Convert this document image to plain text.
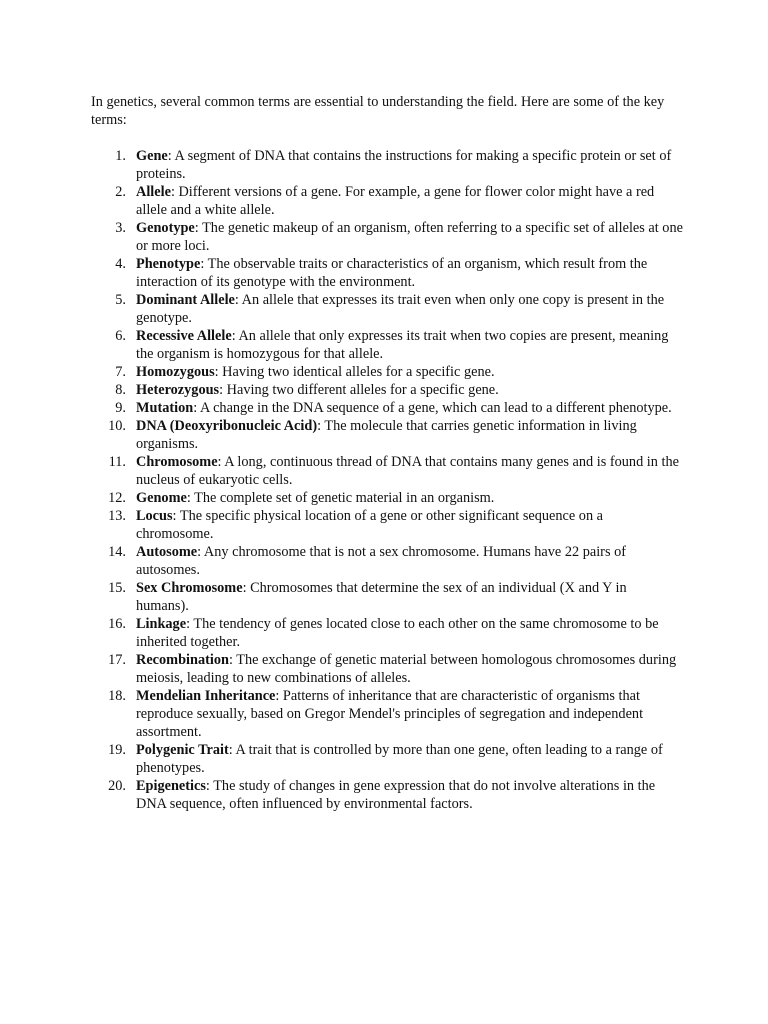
In genetics, several common terms are essential to understanding the field. Here are some of the key terms:

1. Gene: A segment of DNA that contains the instructions for making a specific protein or set of proteins.
2. Allele: Different versions of a gene. For example, a gene for flower color might have a red allele and a white allele.
3. Genotype: The genetic makeup of an organism, often referring to a specific set of alleles at one or more loci.
4. Phenotype: The observable traits or characteristics of an organism, which result from the interaction of its genotype with the environment.
5. Dominant Allele: An allele that expresses its trait even when only one copy is present in the genotype.
6. Recessive Allele: An allele that only expresses its trait when two copies are present, meaning the organism is homozygous for that allele.
7. Homozygous: Having two identical alleles for a specific gene.
8. Heterozygous: Having two different alleles for a specific gene.
9. Mutation: A change in the DNA sequence of a gene, which can lead to a different phenotype.
10. DNA (Deoxyribonucleic Acid): The molecule that carries genetic information in living organisms.
11. Chromosome: A long, continuous thread of DNA that contains many genes and is found in the nucleus of eukaryotic cells.
12. Genome: The complete set of genetic material in an organism.
13. Locus: The specific physical location of a gene or other significant sequence on a chromosome.
14. Autosome: Any chromosome that is not a sex chromosome. Humans have 22 pairs of autosomes.
15. Sex Chromosome: Chromosomes that determine the sex of an individual (X and Y in humans).
16. Linkage: The tendency of genes located close to each other on the same chromosome to be inherited together.
17. Recombination: The exchange of genetic material between homologous chromosomes during meiosis, leading to new combinations of alleles.
18. Mendelian Inheritance: Patterns of inheritance that are characteristic of organisms that reproduce sexually, based on Gregor Mendel's principles of segregation and independent assortment.
19. Polygenic Trait: A trait that is controlled by more than one gene, often leading to a range of phenotypes.
20. Epigenetics: The study of changes in gene expression that do not involve alterations in the DNA sequence, often influenced by environmental factors.
